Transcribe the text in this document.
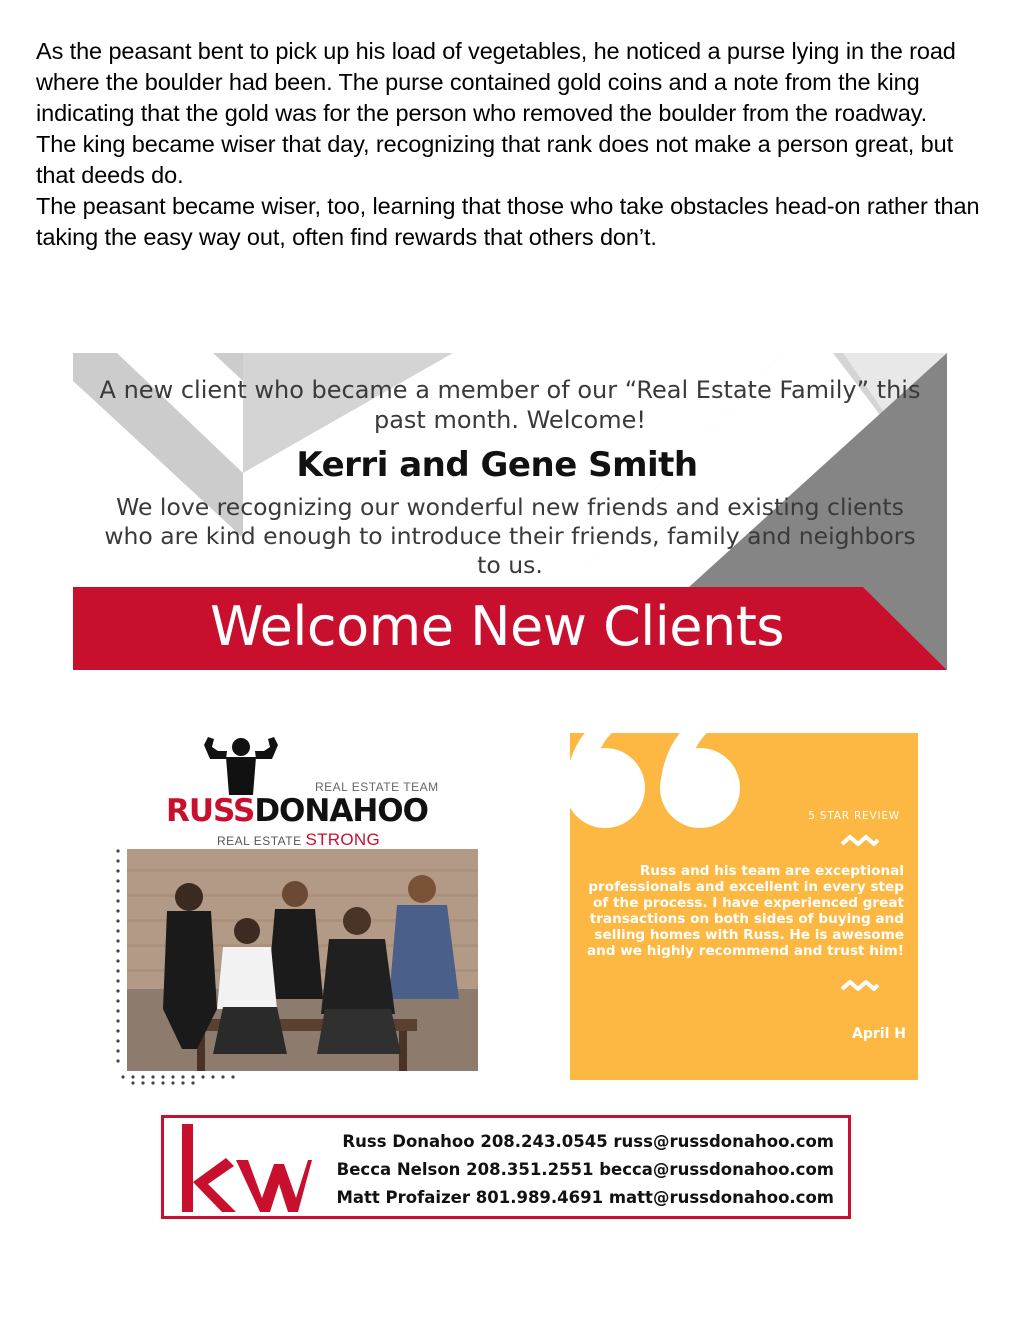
As the peasant bent to pick up his load of vegetables, he noticed a purse lying in the road where the boulder had been. The purse contained gold coins and a note from the king indicating that the gold was for the person who removed the boulder from the roadway.

The king became wiser that day, recognizing that rank does not make a person great, but that deeds do.

The peasant became wiser, too, learning that those who take obstacles head-on rather than taking the easy way out, often find rewards that others don’t.

A new client who became a member of our “Real Estate Family” this past month. Welcome!
Kerri and Gene Smith
We love recognizing our wonderful new friends and existing clients who are kind enough to introduce their friends, family and neighbors to us.
Welcome New Clients
REAL ESTATE TEAM
RUSSDONAHOO
REAL ESTATE STRONG
5 STAR REVIEW
Russ and his team are exceptional professionals and excellent in every step of the process. I have experienced great transactions on both sides of buying and selling homes with Russ. He is awesome and we highly recommend and trust him!
April H
Russ Donahoo 208.243.0545 russ@russdonahoo.com
Becca Nelson 208.351.2551 becca@russdonahoo.com
Matt Profaizer 801.989.4691 matt@russdonahoo.com
